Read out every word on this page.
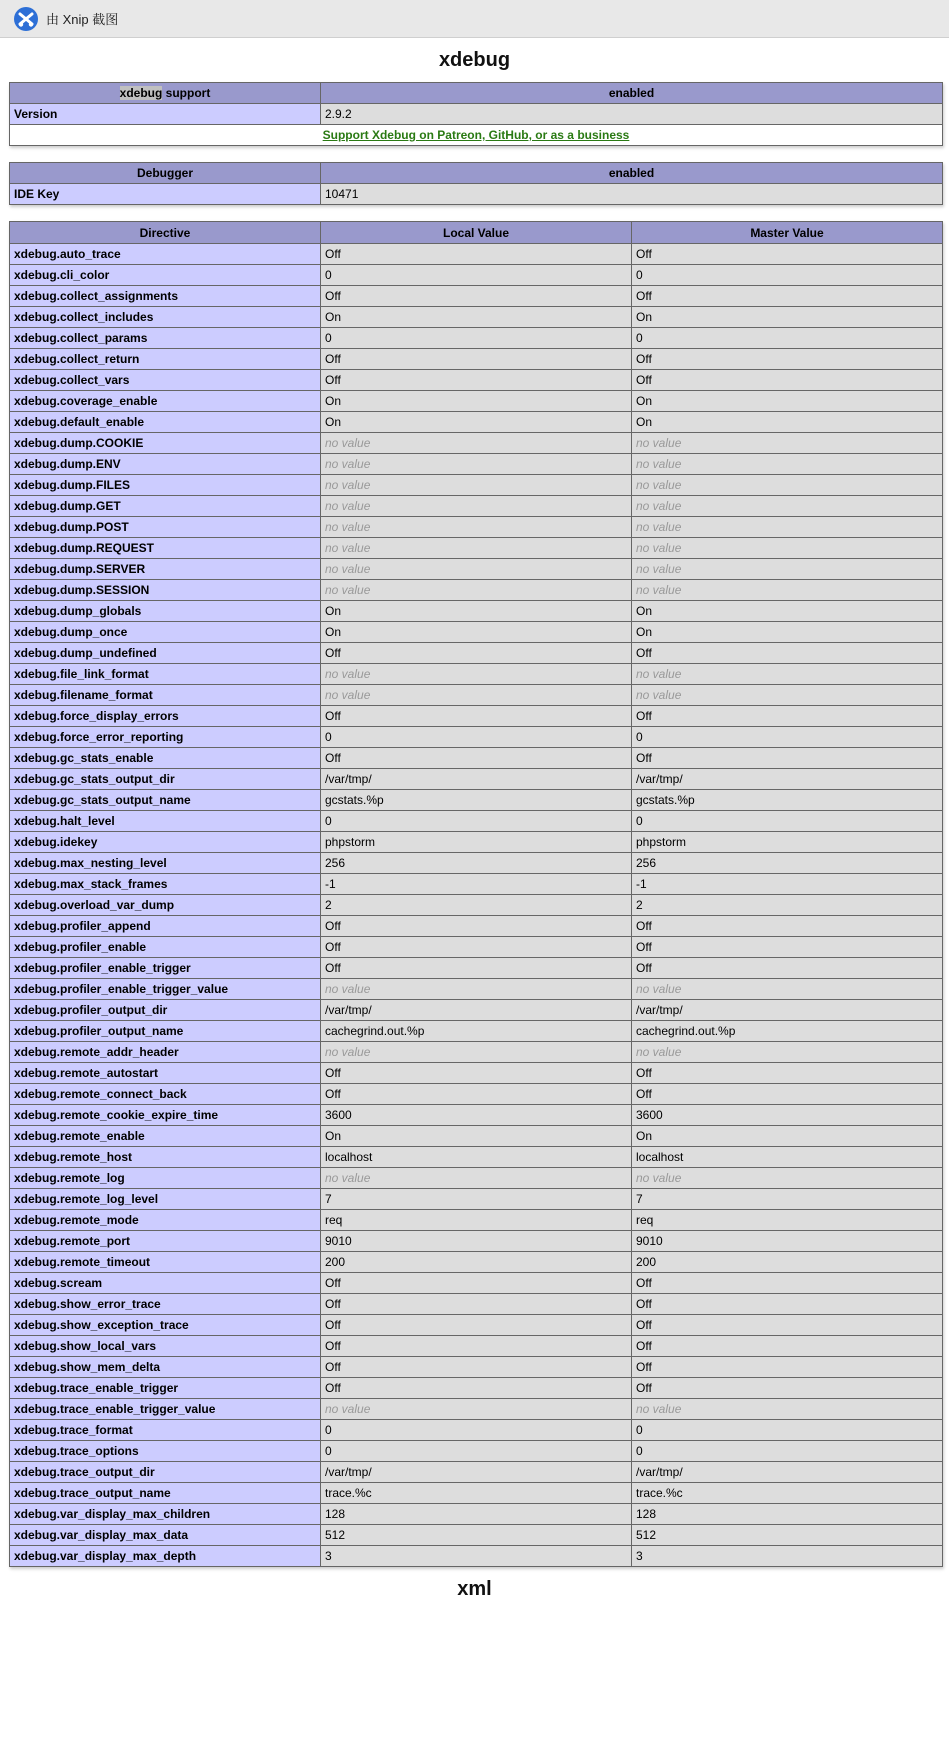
由 Xnip 截图
xdebug
xdebug support	enabled
Version	2.9.2
Support Xdebug on Patreon, GitHub, or as a business	
Debugger	enabled
IDE Key	10471
Directive	Local Value	Master Value
xdebug.auto_trace	Off	Off
xdebug.cli_color	0	0
xdebug.collect_assignments	Off	Off
xdebug.collect_includes	On	On
xdebug.collect_params	0	0
xdebug.collect_return	Off	Off
xdebug.collect_vars	Off	Off
xdebug.coverage_enable	On	On
xdebug.default_enable	On	On
xdebug.dump.COOKIE	no value	no value
xdebug.dump.ENV	no value	no value
xdebug.dump.FILES	no value	no value
xdebug.dump.GET	no value	no value
xdebug.dump.POST	no value	no value
xdebug.dump.REQUEST	no value	no value
xdebug.dump.SERVER	no value	no value
xdebug.dump.SESSION	no value	no value
xdebug.dump_globals	On	On
xdebug.dump_once	On	On
xdebug.dump_undefined	Off	Off
xdebug.file_link_format	no value	no value
xdebug.filename_format	no value	no value
xdebug.force_display_errors	Off	Off
xdebug.force_error_reporting	0	0
xdebug.gc_stats_enable	Off	Off
xdebug.gc_stats_output_dir	/var/tmp/	/var/tmp/
xdebug.gc_stats_output_name	gcstats.%p	gcstats.%p
xdebug.halt_level	0	0
xdebug.idekey	phpstorm	phpstorm
xdebug.max_nesting_level	256	256
xdebug.max_stack_frames	-1	-1
xdebug.overload_var_dump	2	2
xdebug.profiler_append	Off	Off
xdebug.profiler_enable	Off	Off
xdebug.profiler_enable_trigger	Off	Off
xdebug.profiler_enable_trigger_value	no value	no value
xdebug.profiler_output_dir	/var/tmp/	/var/tmp/
xdebug.profiler_output_name	cachegrind.out.%p	cachegrind.out.%p
xdebug.remote_addr_header	no value	no value
xdebug.remote_autostart	Off	Off
xdebug.remote_connect_back	Off	Off
xdebug.remote_cookie_expire_time	3600	3600
xdebug.remote_enable	On	On
xdebug.remote_host	localhost	localhost
xdebug.remote_log	no value	no value
xdebug.remote_log_level	7	7
xdebug.remote_mode	req	req
xdebug.remote_port	9010	9010
xdebug.remote_timeout	200	200
xdebug.scream	Off	Off
xdebug.show_error_trace	Off	Off
xdebug.show_exception_trace	Off	Off
xdebug.show_local_vars	Off	Off
xdebug.show_mem_delta	Off	Off
xdebug.trace_enable_trigger	Off	Off
xdebug.trace_enable_trigger_value	no value	no value
xdebug.trace_format	0	0
xdebug.trace_options	0	0
xdebug.trace_output_dir	/var/tmp/	/var/tmp/
xdebug.trace_output_name	trace.%c	trace.%c
xdebug.var_display_max_children	128	128
xdebug.var_display_max_data	512	512
xdebug.var_display_max_depth	3	3
xml
